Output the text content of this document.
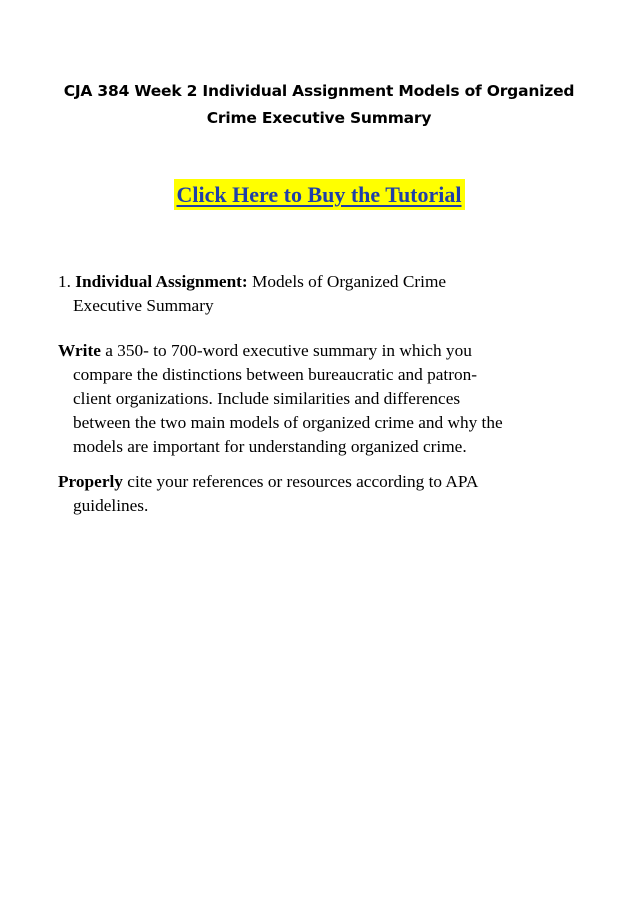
CJA 384 Week 2 Individual Assignment Models of Organized
Crime Executive Summary
Click Here to Buy the Tutorial
1. Individual Assignment: Models of Organized Crime
Executive Summary
Write a 350- to 700-word executive summary in which you
compare the distinctions between bureaucratic and patron-
client organizations. Include similarities and differences
between the two main models of organized crime and why the
models are important for understanding organized crime.
Properly cite your references or resources according to APA
guidelines.
